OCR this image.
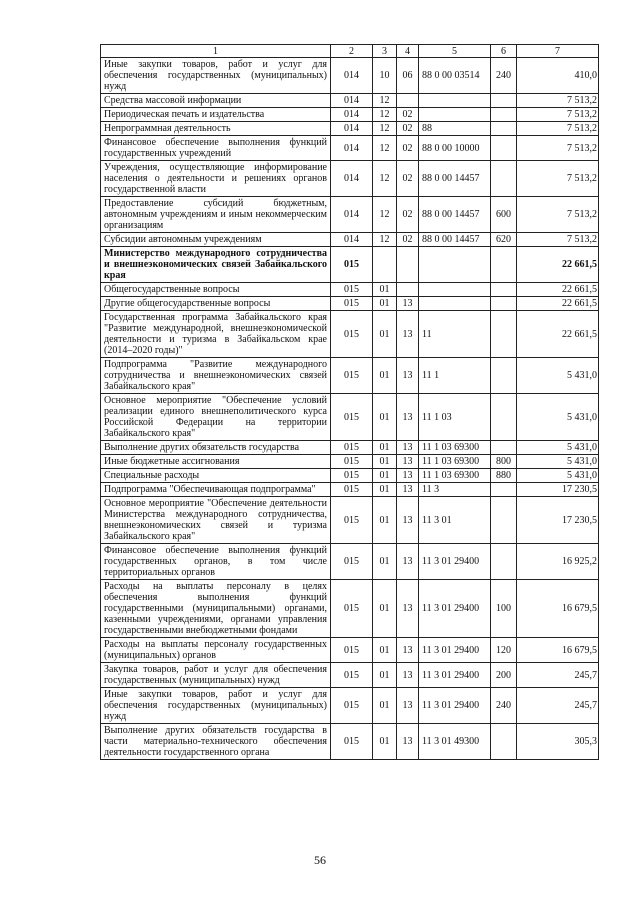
1	2	3	4	5	6	7
Иные закупки товаров, работ и услуг для обеспечения государственных (муниципальных) нужд	014	10	06	88 0 00 03514	240	410,0
Средства массовой информации	014	12				7 513,2
Периодическая печать и издательства	014	12	02			7 513,2
Непрограммная деятельность	014	12	02	88		7 513,2
Финансовое обеспечение выполнения функций государственных учреждений	014	12	02	88 0 00 10000		7 513,2
Учреждения, осуществляющие информирование населения о деятельности и решениях органов государственной власти	014	12	02	88 0 00 14457		7 513,2
Предоставление субсидий бюджетным, автономным учреждениям и иным некоммерческим организациям	014	12	02	88 0 00 14457	600	7 513,2
Субсидии автономным учреждениям	014	12	02	88 0 00 14457	620	7 513,2
Министерство международного сотрудничества и внешнеэкономических связей Забайкальского края	015					22 661,5
Общегосударственные вопросы	015	01				22 661,5
Другие общегосударственные вопросы	015	01	13			22 661,5
Государственная программа Забайкальского края "Развитие международной, внешнеэкономической деятельности и туризма в Забайкальском крае (2014–2020 годы)"	015	01	13	11		22 661,5
Подпрограмма "Развитие международного сотрудничества и внешнеэкономических связей Забайкальского края"	015	01	13	11 1		5 431,0
Основное мероприятие "Обеспечение условий реализации единого внешнеполитического курса Российской Федерации на территории Забайкальского края"	015	01	13	11 1 03		5 431,0
Выполнение других обязательств государства	015	01	13	11 1 03 69300		5 431,0
Иные бюджетные ассигнования	015	01	13	11 1 03 69300	800	5 431,0
Специальные расходы	015	01	13	11 1 03 69300	880	5 431,0
Подпрограмма "Обеспечивающая подпрограмма"	015	01	13	11 3		17 230,5
Основное мероприятие "Обеспечение деятельности Министерства международного сотрудничества, внешнеэкономических связей и туризма Забайкальского края"	015	01	13	11 3 01		17 230,5
Финансовое обеспечение выполнения функций государственных органов, в том числе территориальных органов	015	01	13	11 3 01 29400		16 925,2
Расходы на выплаты персоналу в целях обеспечения выполнения функций государственными (муниципальными) органами, казенными учреждениями, органами управления государственными внебюджетными фондами	015	01	13	11 3 01 29400	100	16 679,5
Расходы на выплаты персоналу государственных (муниципальных) органов	015	01	13	11 3 01 29400	120	16 679,5
Закупка товаров, работ и услуг для обеспечения государственных (муниципальных) нужд	015	01	13	11 3 01 29400	200	245,7
Иные закупки товаров, работ и услуг для обеспечения государственных (муниципальных) нужд	015	01	13	11 3 01 29400	240	245,7
Выполнение других обязательств государства в части материально-технического обеспечения деятельности государственного органа	015	01	13	11 3 01 49300		305,3
56
